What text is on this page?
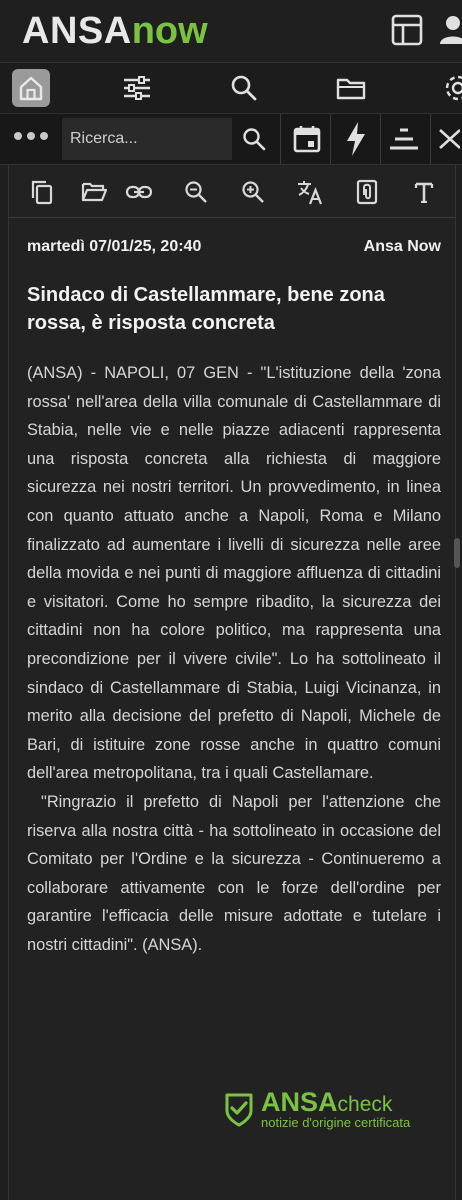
ANSAnow
Ricerca...
martedì 07/01/25, 20:40	Ansa Now
Sindaco di Castellammare, bene zona rossa, è risposta concreta

(ANSA) - NAPOLI, 07 GEN - "L'istituzione della 'zona rossa' nell'area della villa comunale di Castellammare di Stabia, nelle vie e nelle piazze adiacenti rappresenta una risposta concreta alla richiesta di maggiore sicurezza nei nostri territori. Un provvedimento, in linea con quanto attuato anche a Napoli, Roma e Milano finalizzato ad aumentare i livelli di sicurezza nelle aree della movida e nei punti di maggiore affluenza di cittadini e visitatori. Come ho sempre ribadito, la sicurezza dei cittadini non ha colore politico, ma rappresenta una precondizione per il vivere civile". Lo ha sottolineato il sindaco di Castellammare di Stabia, Luigi Vicinanza, in merito alla decisione del prefetto di Napoli, Michele de Bari, di istituire zone rosse anche in quattro comuni dell'area metropolitana, tra i quali Castellamare.

"Ringrazio il prefetto di Napoli per l'attenzione che riserva alla nostra città - ha sottolineato in occasione del Comitato per l'Ordine e la sicurezza - Continueremo a collaborare attivamente con le forze dell'ordine per garantire l'efficacia delle misure adottate e tutelare i nostri cittadini". (ANSA).

ANSAcheck
notizie d'origine certificata
